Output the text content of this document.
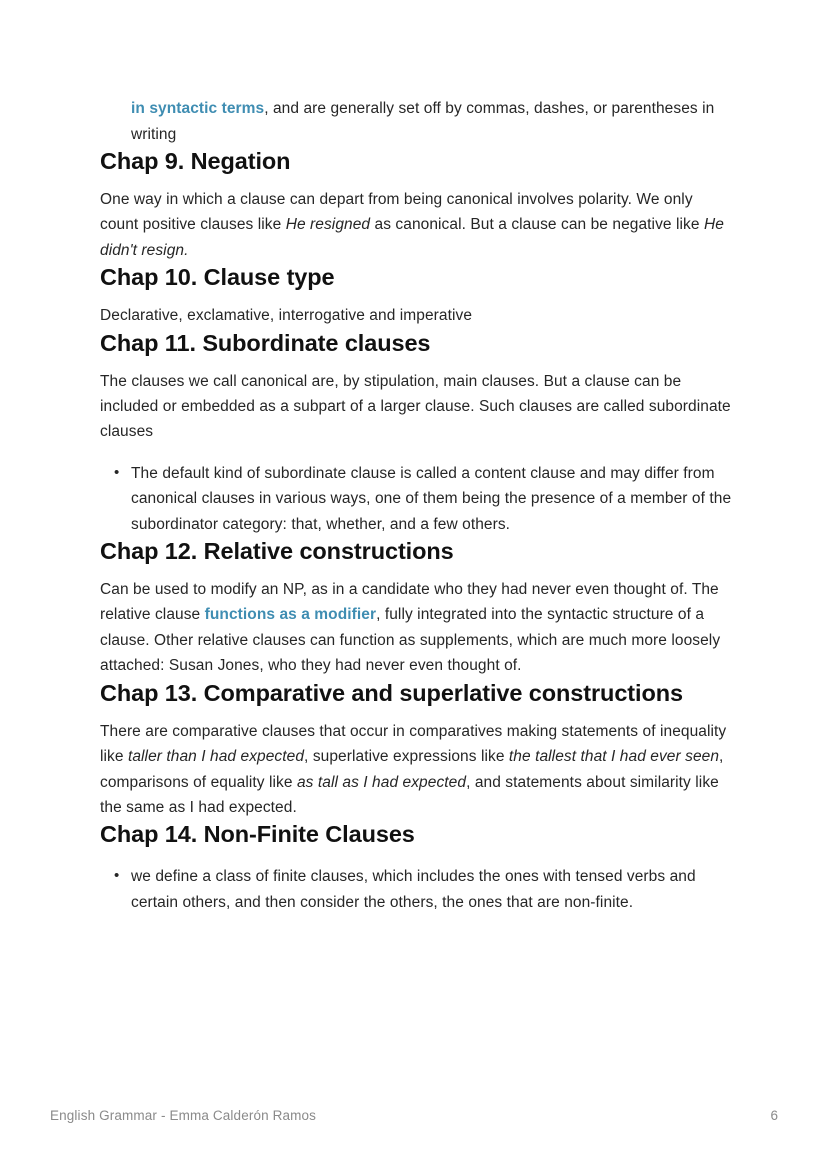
in syntactic terms, and are generally set off by commas, dashes, or parentheses in writing

Chap 9. Negation

One way in which a clause can depart from being canonical involves polarity. We only count positive clauses like He resigned as canonical. But a clause can be negative like He didn't resign.

Chap 10. Clause type

Declarative, exclamative, interrogative and imperative

Chap 11. Subordinate clauses

The clauses we call canonical are, by stipulation, main clauses. But a clause can be included or embedded as a subpart of a larger clause. Such clauses are called subordinate clauses

• The default kind of subordinate clause is called a content clause and may differ from canonical clauses in various ways, one of them being the presence of a member of the subordinator category: that, whether, and a few others.
Chap 12. Relative constructions

Can be used to modify an NP, as in a candidate who they had never even thought of. The relative clause functions as a modifier, fully integrated into the syntactic structure of a clause. Other relative clauses can function as supplements, which are much more loosely attached: Susan Jones, who they had never even thought of.

Chap 13. Comparative and superlative constructions

There are comparative clauses that occur in comparatives making statements of inequality like taller than I had expected, superlative expressions like the tallest that I had ever seen, comparisons of equality like as tall as I had expected, and statements about similarity like the same as I had expected.

Chap 14. Non-Finite Clauses
• we define a class of finite clauses, which includes the ones with tensed verbs and certain others, and then consider the others, the ones that are non-finite.
English Grammar - Emma Calderón Ramos	6
